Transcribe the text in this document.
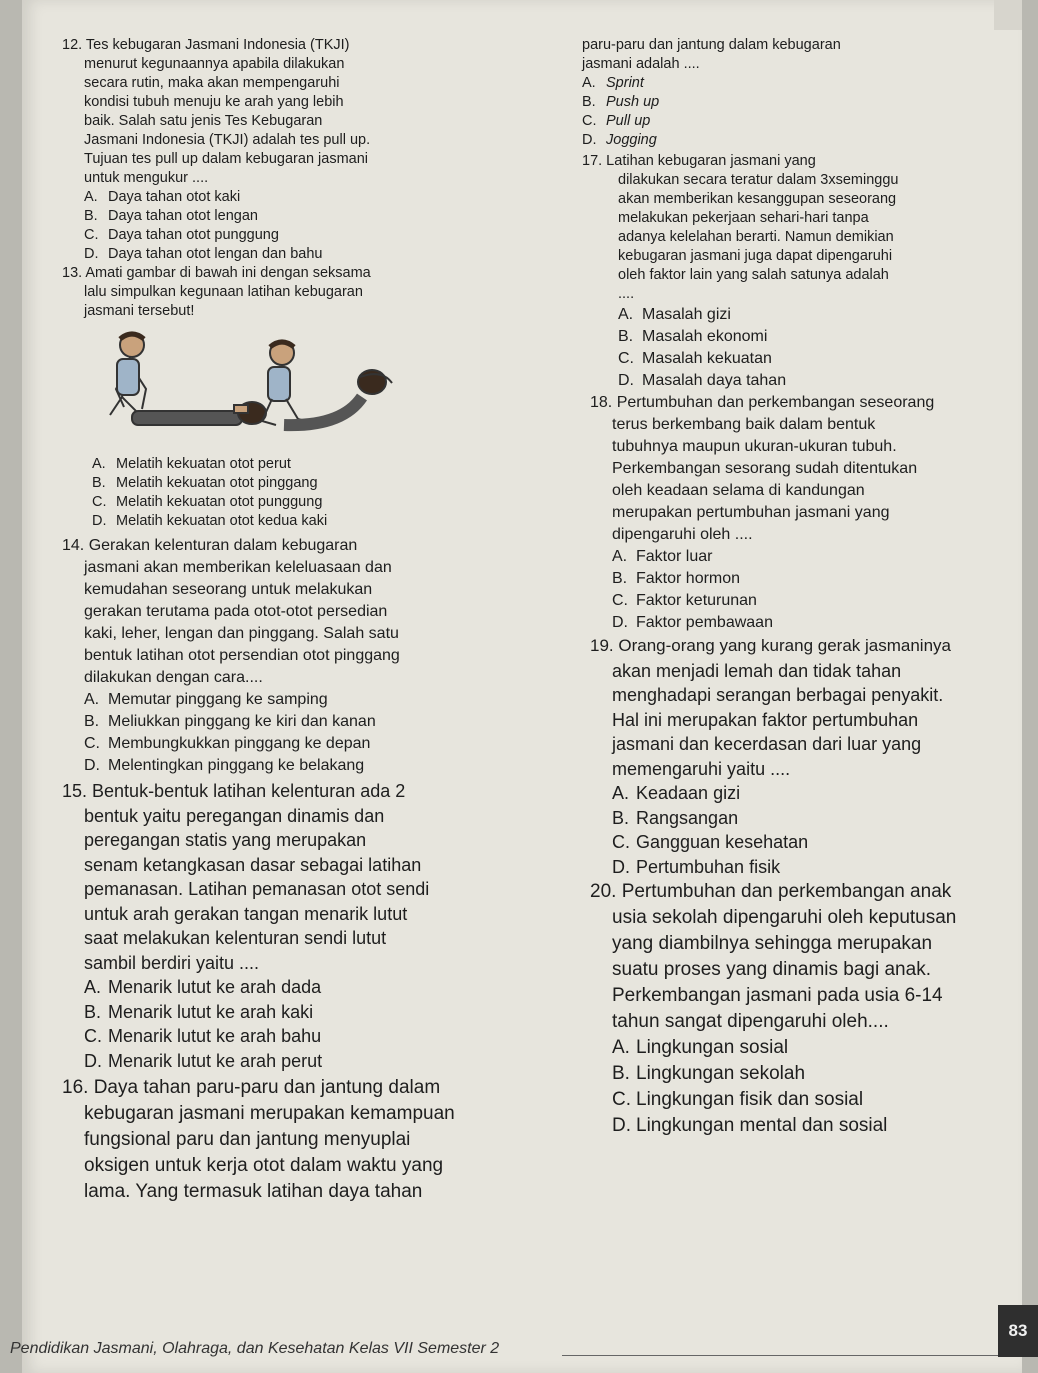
12. Tes kebugaran Jasmani Indonesia (TKJI)

menurut kegunaannya apabila dilakukan

secara rutin, maka akan mempengaruhi

kondisi tubuh menuju ke arah yang lebih

baik. Salah satu jenis Tes Kebugaran

Jasmani Indonesia (TKJI) adalah tes pull up.

Tujuan tes pull up dalam kebugaran jasmani

untuk mengukur ....

A. Daya tahan otot kaki
B. Daya tahan otot lengan
C. Daya tahan otot punggung
D. Daya tahan otot lengan dan bahu

13. Amati gambar di bawah ini dengan seksama

lalu simpulkan kegunaan latihan kebugaran

jasmani tersebut!

A. Melatih kekuatan otot perut
B. Melatih kekuatan otot pinggang
C. Melatih kekuatan otot punggung
D. Melatih kekuatan otot kedua kaki

14. Gerakan kelenturan dalam kebugaran

jasmani akan memberikan keleluasaan dan

kemudahan seseorang untuk melakukan

gerakan terutama pada otot-otot persedian

kaki, leher, lengan dan pinggang. Salah satu

bentuk latihan otot persendian otot pinggang

dilakukan dengan cara....

A. Memutar pinggang ke samping
B. Meliukkan pinggang ke kiri dan kanan
C. Membungkukkan pinggang ke depan
D. Melentingkan pinggang ke belakang

15. Bentuk-bentuk latihan kelenturan ada 2

bentuk yaitu peregangan dinamis dan

peregangan statis yang merupakan

senam ketangkasan dasar sebagai latihan

pemanasan. Latihan pemanasan otot sendi

untuk arah gerakan tangan menarik lutut

saat melakukan kelenturan sendi lutut

sambil berdiri yaitu ....

A. Menarik lutut ke arah dada
B. Menarik lutut ke arah kaki
C. Menarik lutut ke arah bahu
D. Menarik lutut ke arah perut

16. Daya tahan paru-paru dan jantung dalam

kebugaran jasmani merupakan kemampuan

fungsional paru dan jantung menyuplai

oksigen untuk kerja otot dalam waktu yang

lama. Yang termasuk latihan daya tahan

paru-paru dan jantung dalam kebugaran

jasmani adalah ....

A. Sprint
B. Push up
C. Pull up
D. Jogging

17. Latihan kebugaran jasmani yang

dilakukan secara teratur dalam 3xseminggu

akan memberikan kesanggupan seseorang

melakukan pekerjaan sehari-hari tanpa

adanya kelelahan berarti. Namun demikian

kebugaran jasmani juga dapat dipengaruhi

oleh faktor lain yang salah satunya adalah

....

A. Masalah gizi
B. Masalah ekonomi
C. Masalah kekuatan
D. Masalah daya tahan

18. Pertumbuhan dan perkembangan seseorang

terus berkembang baik dalam bentuk

tubuhnya maupun ukuran-ukuran tubuh.

Perkembangan sesorang sudah ditentukan

oleh keadaan selama di kandungan

merupakan pertumbuhan jasmani yang

dipengaruhi oleh ....

A. Faktor luar
B. Faktor hormon
C. Faktor keturunan
D. Faktor pembawaan

19. Orang-orang yang kurang gerak jasmaninya

akan menjadi lemah dan tidak tahan

menghadapi serangan berbagai penyakit.

Hal ini merupakan faktor pertumbuhan

jasmani dan kecerdasan dari luar yang

memengaruhi yaitu ....

A. Keadaan gizi
B. Rangsangan
C. Gangguan kesehatan
D. Pertumbuhan fisik

20. Pertumbuhan dan perkembangan anak

usia sekolah dipengaruhi oleh keputusan

yang diambilnya sehingga merupakan

suatu proses yang dinamis bagi anak.

Perkembangan jasmani pada usia 6-14

tahun sangat dipengaruhi oleh....

A. Lingkungan sosial
B. Lingkungan sekolah
C. Lingkungan fisik dan sosial
D. Lingkungan mental dan sosial
Pendidikan Jasmani, Olahraga, dan Kesehatan Kelas VII Semester 2
83
